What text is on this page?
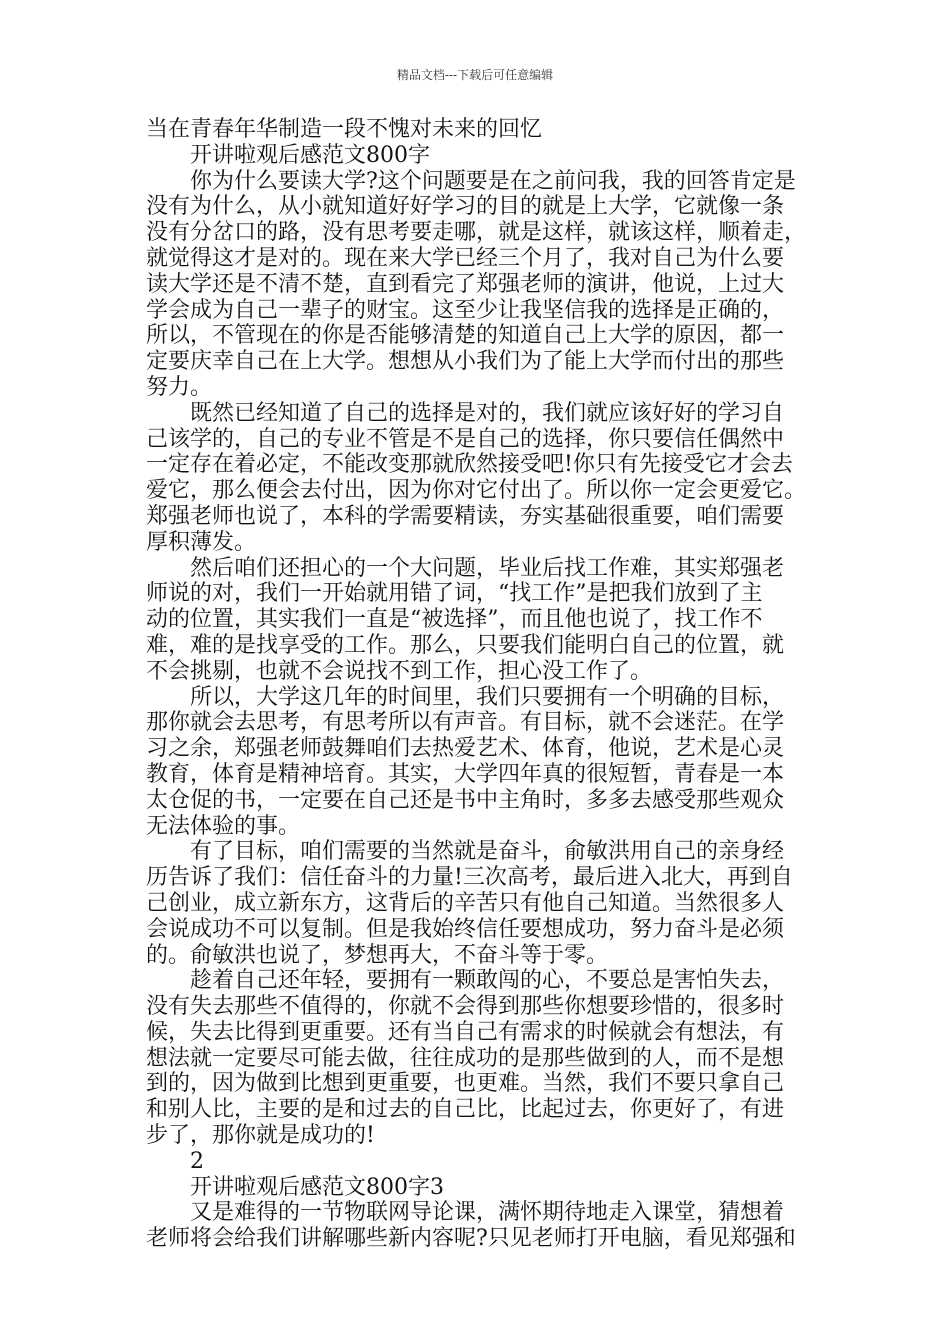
精品文档---下载后可任意编辑
当在青春年华制造一段不愧对未来的回忆
开讲啦观后感范文800字
你为什么要读大学?这个问题要是在之前问我，我的回答肯定是
没有为什么，从小就知道好好学习的目的就是上大学，它就像一条
没有分岔口的路，没有思考要走哪，就是这样，就该这样，顺着走，
就觉得这才是对的。现在来大学已经三个月了，我对自己为什么要
读大学还是不清不楚，直到看完了郑强老师的演讲，他说，上过大
学会成为自己一辈子的财宝。这至少让我坚信我的选择是正确的，
所以，不管现在的你是否能够清楚的知道自己上大学的原因，都一
定要庆幸自己在上大学。想想从小我们为了能上大学而付出的那些
努力。
既然已经知道了自己的选择是对的，我们就应该好好的学习自
己该学的，自己的专业不管是不是自己的选择，你只要信任偶然中
一定存在着必定，不能改变那就欣然接受吧!你只有先接受它才会去
爱它，那么便会去付出，因为你对它付出了。所以你一定会更爱它。
郑强老师也说了，本科的学需要精读，夯实基础很重要，咱们需要
厚积薄发。
然后咱们还担心的一个大问题，毕业后找工作难，其实郑强老
师说的对，我们一开始就用错了词，“找工作”是把我们放到了主
动的位置，其实我们一直是“被选择”，而且他也说了，找工作不
难，难的是找享受的工作。那么，只要我们能明白自己的位置，就
不会挑剔，也就不会说找不到工作，担心没工作了。
所以，大学这几年的时间里，我们只要拥有一个明确的目标，
那你就会去思考，有思考所以有声音。有目标，就不会迷茫。在学
习之余，郑强老师鼓舞咱们去热爱艺术、体育，他说，艺术是心灵
教育，体育是精神培育。其实，大学四年真的很短暂，青春是一本
太仓促的书，一定要在自己还是书中主角时，多多去感受那些观众
无法体验的事。
有了目标，咱们需要的当然就是奋斗，俞敏洪用自己的亲身经
历告诉了我们：信任奋斗的力量!三次高考，最后进入北大，再到自
己创业，成立新东方，这背后的辛苦只有他自己知道。当然很多人
会说成功不可以复制。但是我始终信任要想成功，努力奋斗是必须
的。俞敏洪也说了，梦想再大，不奋斗等于零。
趁着自己还年轻，要拥有一颗敢闯的心，不要总是害怕失去，
没有失去那些不值得的，你就不会得到那些你想要珍惜的，很多时
候，失去比得到更重要。还有当自己有需求的时候就会有想法，有
想法就一定要尽可能去做，往往成功的是那些做到的人，而不是想
到的，因为做到比想到更重要，也更难。当然，我们不要只拿自己
和别人比，主要的是和过去的自己比，比起过去，你更好了，有进
步了，那你就是成功的!
2
开讲啦观后感范文800字3
又是难得的一节物联网导论课，满怀期待地走入课堂，猜想着
老师将会给我们讲解哪些新内容呢?只见老师打开电脑，看见郑强和
